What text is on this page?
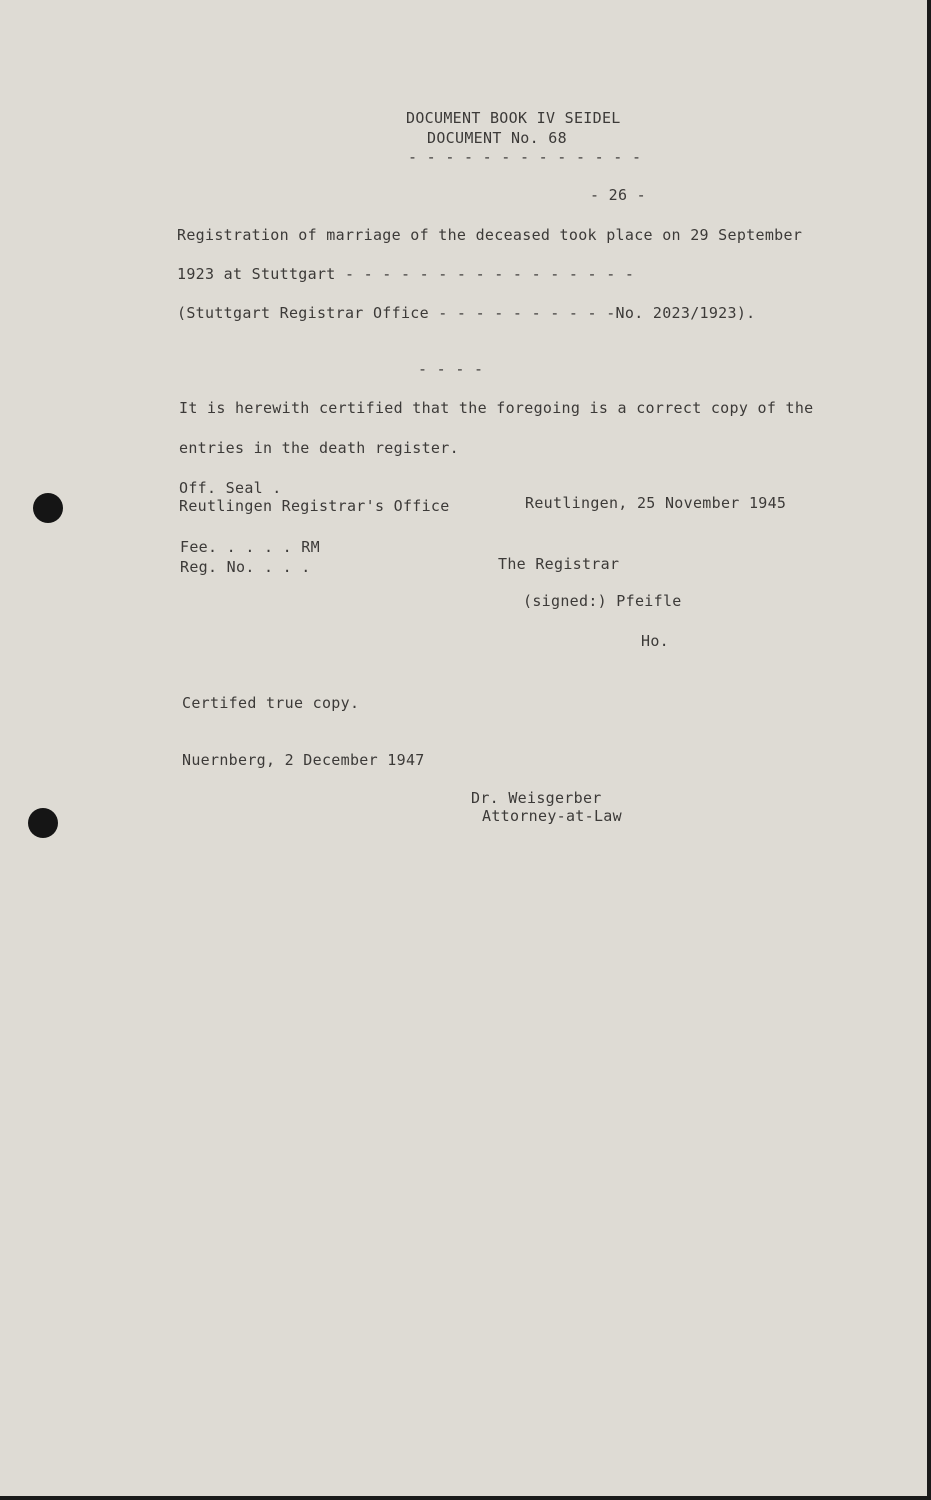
DOCUMENT BOOK IV SEIDEL
DOCUMENT No. 68
- - - - - - - - - - - - -
- 26 -
Registration of marriage of the deceased took place on 29 September
1923 at Stuttgart - - - - - - - - - - - - - - - -
(Stuttgart Registrar Office - - - - - - - - - -No. 2023/1923).
- - - -
It is herewith certified that the foregoing is a correct copy of the
entries in the death register.
Off. Seal .
Reutlingen Registrar's Office	Reutlingen, 25 November 1945
Fee. . . . . RM
Reg. No. . . .	The Registrar
(signed:) Pfeifle
Ho.
Certifed true copy.
Nuernberg, 2 December 1947
Dr. Weisgerber
Attorney-at-Law
